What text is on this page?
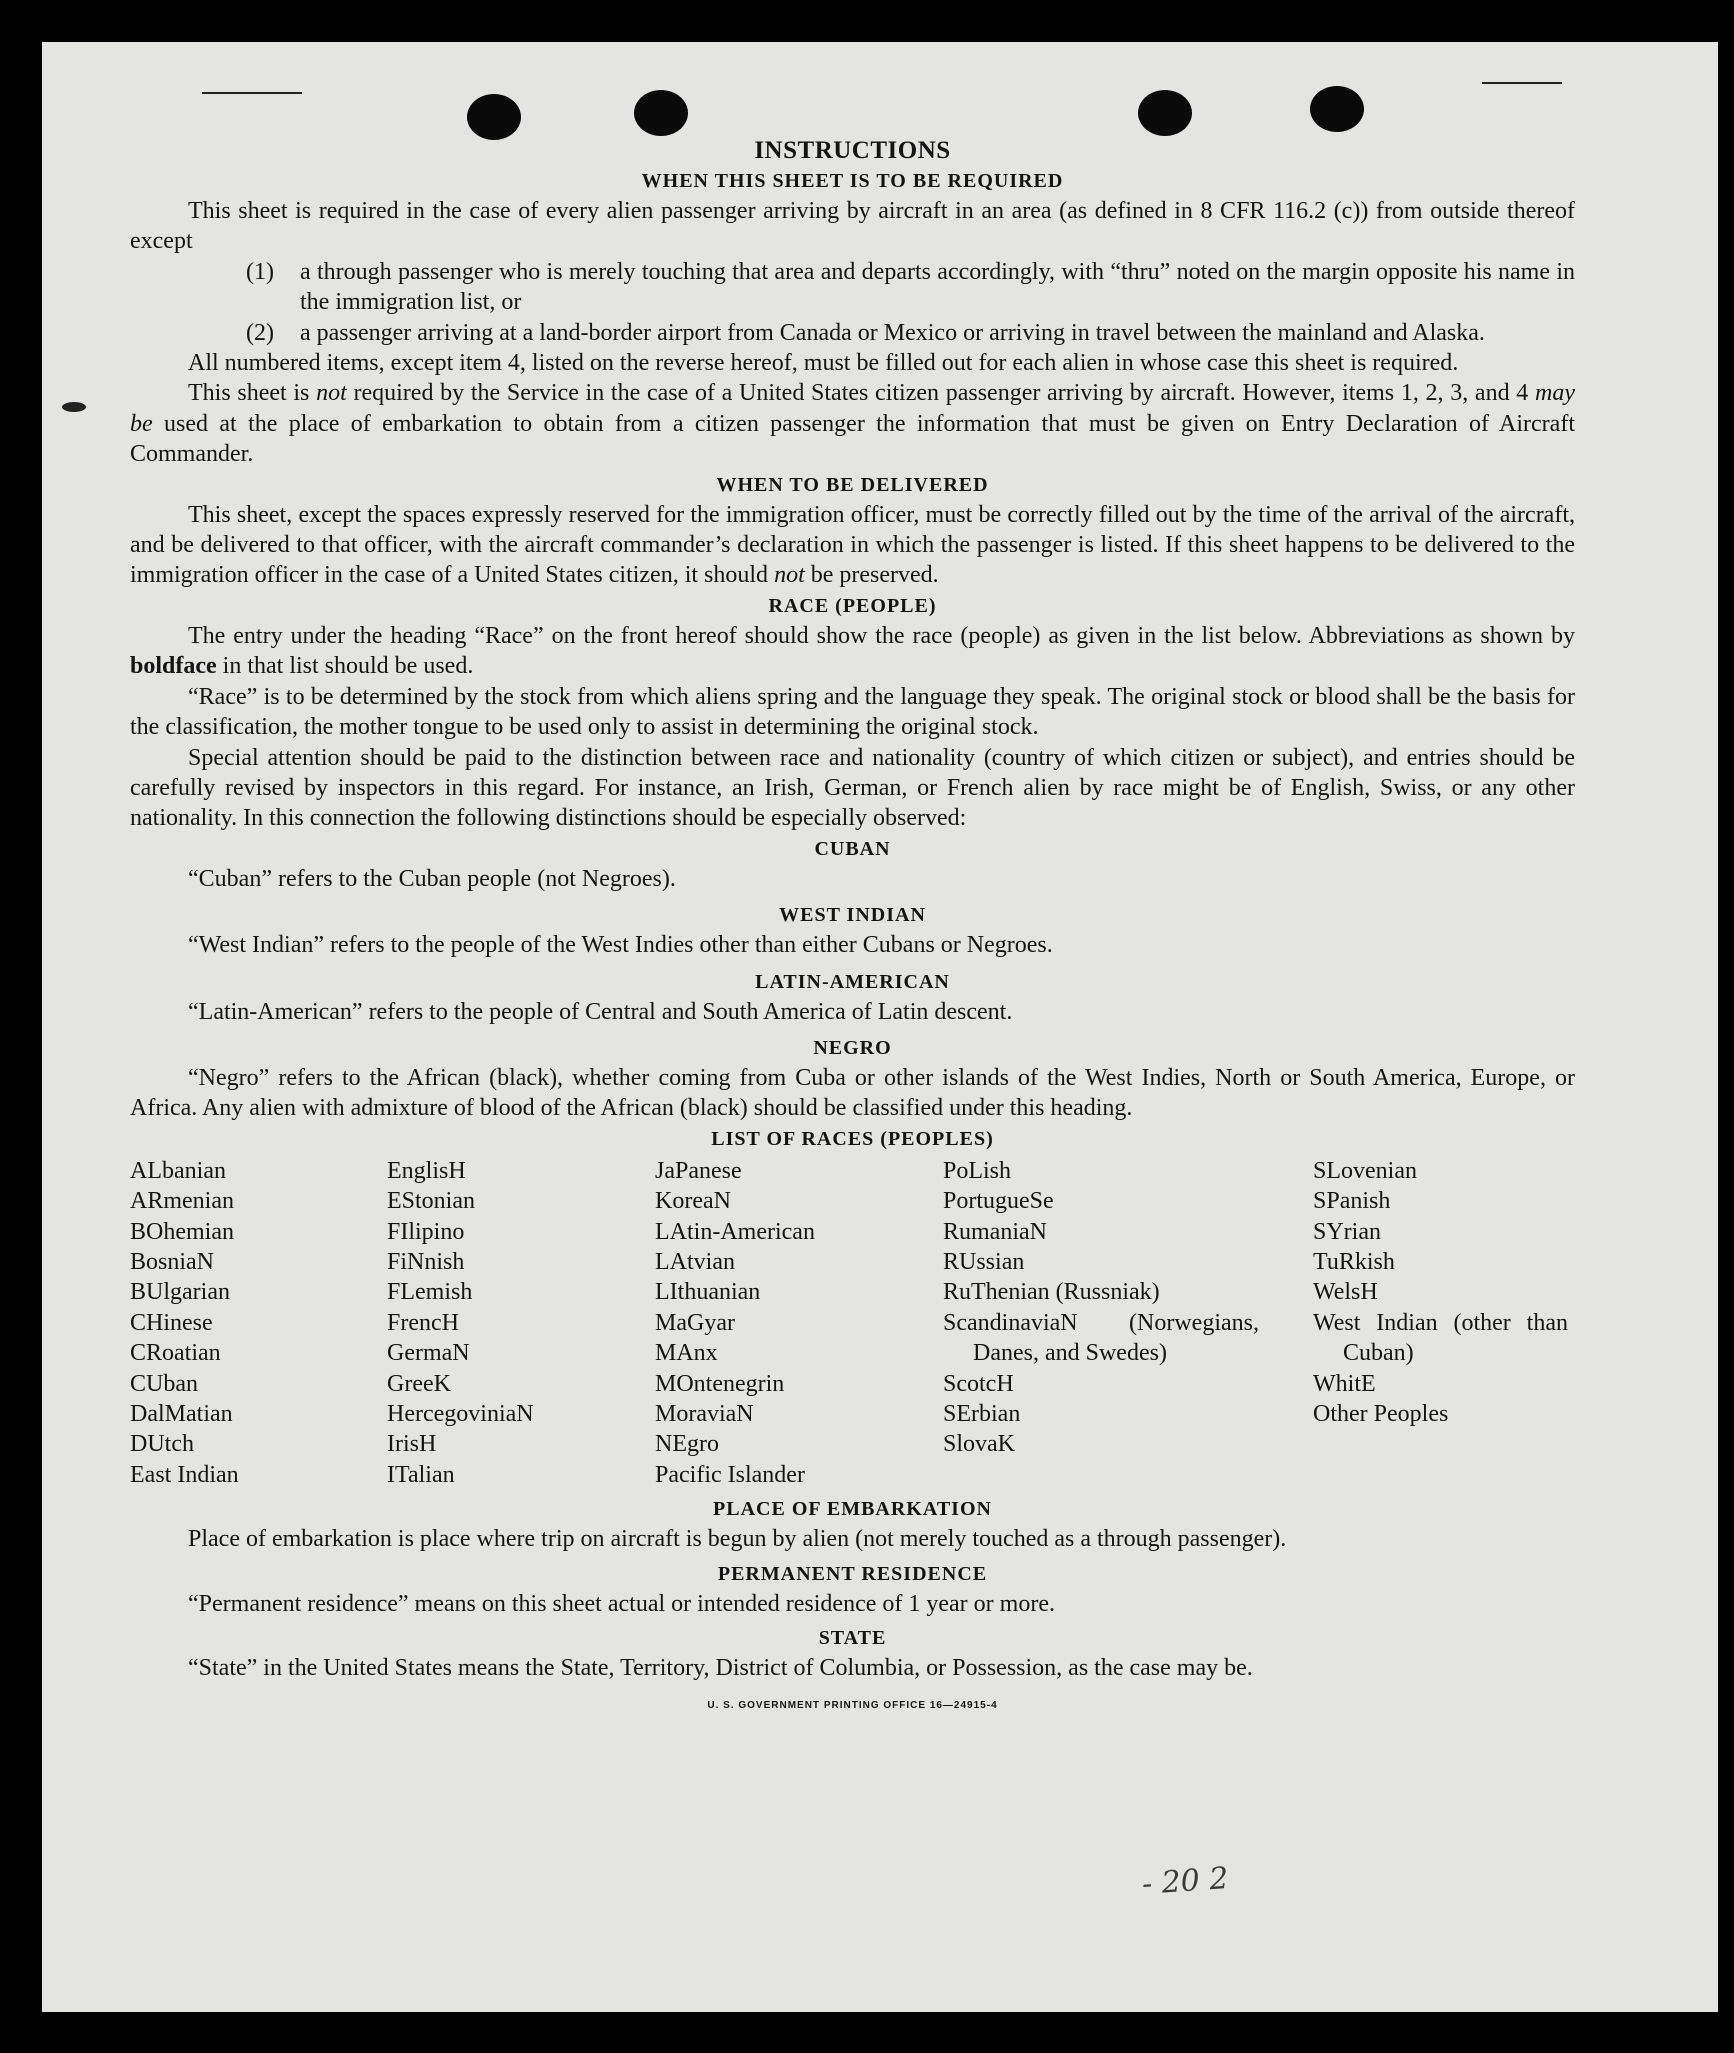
INSTRUCTIONS
WHEN THIS SHEET IS TO BE REQUIRED

This sheet is required in the case of every alien passenger arriving by aircraft in an area (as defined in 8 CFR 116.2 (c)) from outside thereof except

(1)	a through passenger who is merely touching that area and departs accordingly, with “thru” noted on the margin opposite his name in the immigration list, or
(2)	a passenger arriving at a land-border airport from Canada or Mexico or arriving in travel between the mainland and Alaska.

All numbered items, except item 4, listed on the reverse hereof, must be filled out for each alien in whose case this sheet is required.

This sheet is not required by the Service in the case of a United States citizen passenger arriving by aircraft. However, items 1, 2, 3, and 4 may be used at the place of embarkation to obtain from a citizen passenger the information that must be given on Entry Declaration of Aircraft Commander.

WHEN TO BE DELIVERED

This sheet, except the spaces expressly reserved for the immigration officer, must be correctly filled out by the time of the arrival of the aircraft, and be delivered to that officer, with the aircraft commander’s declaration in which the passenger is listed. If this sheet happens to be delivered to the immigration officer in the case of a United States citizen, it should not be preserved.

RACE (PEOPLE)

The entry under the heading “Race” on the front hereof should show the race (people) as given in the list below. Abbreviations as shown by boldface in that list should be used.

“Race” is to be determined by the stock from which aliens spring and the language they speak. The original stock or blood shall be the basis for the classification, the mother tongue to be used only to assist in determining the original stock.

Special attention should be paid to the distinction between race and nationality (country of which citizen or subject), and entries should be carefully revised by inspectors in this regard. For instance, an Irish, German, or French alien by race might be of English, Swiss, or any other nationality. In this connection the following distinctions should be especially observed:

CUBAN

“Cuban” refers to the Cuban people (not Negroes).

WEST INDIAN

“West Indian” refers to the people of the West Indies other than either Cubans or Negroes.

LATIN-AMERICAN

“Latin-American” refers to the people of Central and South America of Latin descent.

NEGRO

“Negro” refers to the African (black), whether coming from Cuba or other islands of the West Indies, North or South America, Europe, or Africa. Any alien with admixture of blood of the African (black) should be classified under this heading.

LIST OF RACES (PEOPLES)
ALbanian
ARmenian
BOhemian
BosniaN
BUlgarian
CHinese
CRoatian
CUban
DalMatian
DUtch
East Indian
EnglisH
EStonian
FIlipino
FiNnish
FLemish
FrencH
GermaN
GreeK
HercegoviniaN
IrisH
ITalian
JaPanese
KoreaN
LAtin-American
LAtvian
LIthuanian
MaGyar
MAnx
MOntenegrin
MoraviaN
NEgro
Pacific Islander
PoLish
PortugueSe
RumaniaN
RUssian
RuThenian (Russniak)
ScandinaviaN (Norwegians, Danes, and Swedes)
ScotcH
SErbian
SlovaK
SLovenian
SPanish
SYrian
TuRkish
WelsH
West Indian (other than Cuban)
WhitE
Other Peoples
PLACE OF EMBARKATION

Place of embarkation is place where trip on aircraft is begun by alien (not merely touched as a through passenger).

PERMANENT RESIDENCE

“Permanent residence” means on this sheet actual or intended residence of 1 year or more.

STATE

“State” in the United States means the State, Territory, District of Columbia, or Possession, as the case may be.

U. S. GOVERNMENT PRINTING OFFICE 16—24915-4
- 20 2
